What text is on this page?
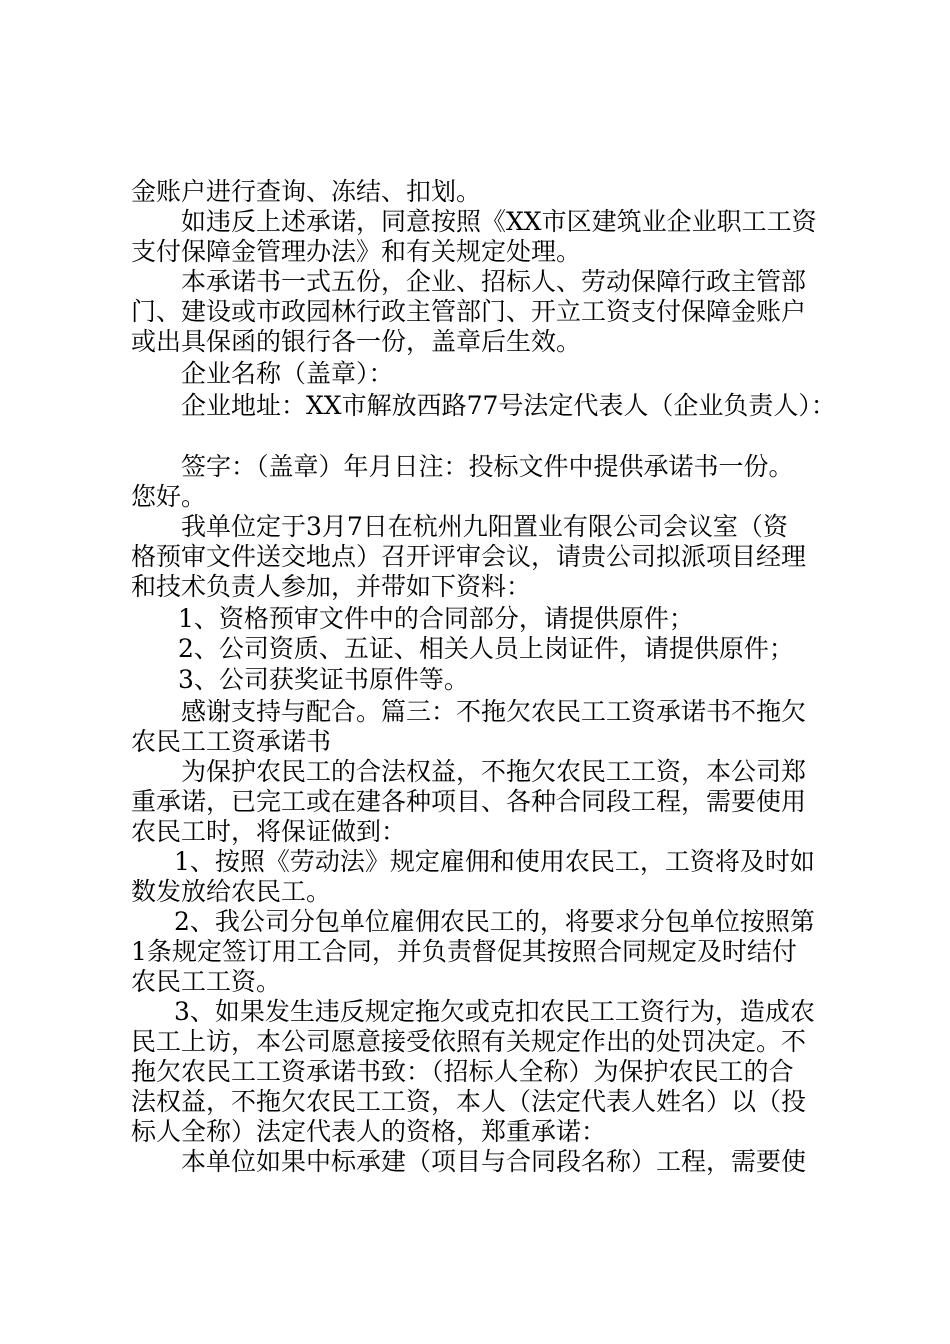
金账户进行查询、冻结、扣划。

如违反上述承诺，同意按照《XX市区建筑业企业职工工资

支付保障金管理办法》和有关规定处理。

本承诺书一式五份，企业、招标人、劳动保障行政主管部

门、建设或市政园林行政主管部门、开立工资支付保障金账户

或出具保函的银行各一份，盖章后生效。

企业名称（盖章）：

企业地址：XX市解放西路77号法定代表人（企业负责人）：

签字：（盖章）年月日注：投标文件中提供承诺书一份。

您好。

我单位定于3月7日在杭州九阳置业有限公司会议室（资

格预审文件送交地点）召开评审会议，请贵公司拟派项目经理

和技术负责人参加，并带如下资料：

1、资格预审文件中的合同部分，请提供原件；

2、公司资质、五证、相关人员上岗证件，请提供原件；

3、公司获奖证书原件等。

感谢支持与配合。篇三：不拖欠农民工工资承诺书不拖欠

农民工工资承诺书

为保护农民工的合法权益，不拖欠农民工工资，本公司郑

重承诺，已完工或在建各种项目、各种合同段工程，需要使用

农民工时，将保证做到：

1、按照《劳动法》规定雇佣和使用农民工，工资将及时如

数发放给农民工。

2、我公司分包单位雇佣农民工的，将要求分包单位按照第

1条规定签订用工合同，并负责督促其按照合同规定及时结付

农民工工资。

3、如果发生违反规定拖欠或克扣农民工工资行为，造成农

民工上访，本公司愿意接受依照有关规定作出的处罚决定。不

拖欠农民工工资承诺书致：（招标人全称）为保护农民工的合

法权益，不拖欠农民工工资，本人（法定代表人姓名）以（投

标人全称）法定代表人的资格，郑重承诺：

本单位如果中标承建（项目与合同段名称）工程，需要使
